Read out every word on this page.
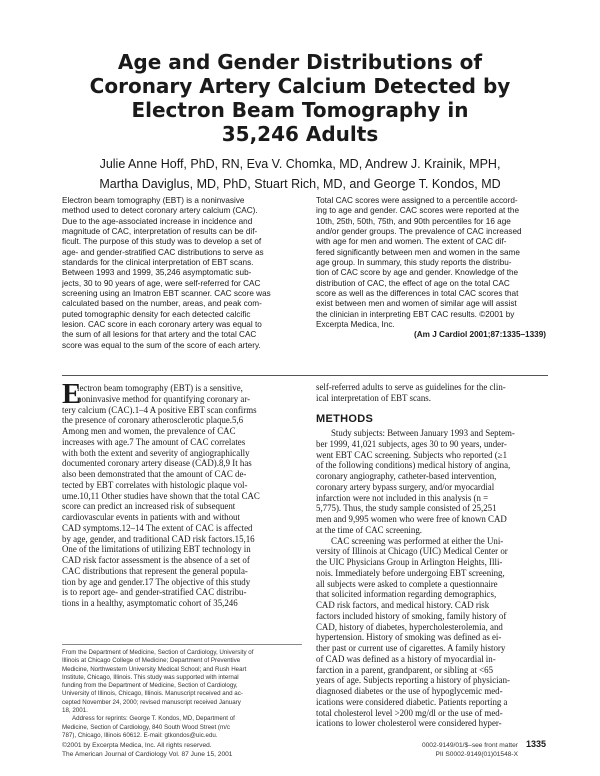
Age and Gender Distributions of
Coronary Artery Calcium Detected by
Electron Beam Tomography in
35,246 Adults
Julie Anne Hoff, PhD, RN, Eva V. Chomka, MD, Andrew J. Krainik, MPH,
Martha Daviglus, MD, PhD, Stuart Rich, MD, and George T. Kondos, MD
Electron beam tomography (EBT) is a noninvasive
method used to detect coronary artery calcium (CAC).
Due to the age-associated increase in incidence and
magnitude of CAC, interpretation of results can be dif-
ficult. The purpose of this study was to develop a set of
age- and gender-stratified CAC distributions to serve as
standards for the clinical interpretation of EBT scans.
Between 1993 and 1999, 35,246 asymptomatic sub-
jects, 30 to 90 years of age, were self-referred for CAC
screening using an Imatron EBT scanner. CAC score was
calculated based on the number, areas, and peak com-
puted tomographic density for each detected calcific
lesion. CAC score in each coronary artery was equal to
the sum of all lesions for that artery and the total CAC
score was equal to the sum of the score of each artery.
Total CAC scores were assigned to a percentile accord-
ing to age and gender. CAC scores were reported at the
10th, 25th, 50th, 75th, and 90th percentiles for 16 age
and/or gender groups. The prevalence of CAC increased
with age for men and women. The extent of CAC dif-
fered significantly between men and women in the same
age group. In summary, this study reports the distribu-
tion of CAC score by age and gender. Knowledge of the
distribution of CAC, the effect of age on the total CAC
score as well as the differences in total CAC scores that
exist between men and women of similar age will assist
the clinician in interpreting EBT CAC results. ©2001 by
Excerpta Medica, Inc.
(Am J Cardiol 2001;87:1335–1339)
E
lectron beam tomography (EBT) is a sensitive,
noninvasive method for quantifying coronary ar-
tery calcium (CAC).1–4 A positive EBT scan confirms
the presence of coronary atherosclerotic plaque.5,6
Among men and women, the prevalence of CAC
increases with age.7 The amount of CAC correlates
with both the extent and severity of angiographically
documented coronary artery disease (CAD).8,9 It has
also been demonstrated that the amount of CAC de-
tected by EBT correlates with histologic plaque vol-
ume.10,11 Other studies have shown that the total CAC
score can predict an increased risk of subsequent
cardiovascular events in patients with and without
CAD symptoms.12–14 The extent of CAC is affected
by age, gender, and traditional CAD risk factors.15,16
One of the limitations of utilizing EBT technology in
CAD risk factor assessment is the absence of a set of
CAC distributions that represent the general popula-
tion by age and gender.17 The objective of this study
is to report age- and gender-stratified CAC distribu-
tions in a healthy, asymptomatic cohort of 35,246
self-referred adults to serve as guidelines for the clin-
ical interpretation of EBT scans.
METHODS
Study subjects: Between January 1993 and Septem-
ber 1999, 41,021 subjects, ages 30 to 90 years, under-
went EBT CAC screening. Subjects who reported (≥1
of the following conditions) medical history of angina,
coronary angiography, catheter-based intervention,
coronary artery bypass surgery, and/or myocardial
infarction were not included in this analysis (n =
5,775). Thus, the study sample consisted of 25,251
men and 9,995 women who were free of known CAD
at the time of CAC screening.
CAC screening was performed at either the Uni-
versity of Illinois at Chicago (UIC) Medical Center or
the UIC Physicians Group in Arlington Heights, Illi-
nois. Immediately before undergoing EBT screening,
all subjects were asked to complete a questionnaire
that solicited information regarding demographics,
CAD risk factors, and medical history. CAD risk
factors included history of smoking, family history of
CAD, history of diabetes, hypercholesterolemia, and
hypertension. History of smoking was defined as ei-
ther past or current use of cigarettes. A family history
of CAD was defined as a history of myocardial in-
farction in a parent, grandparent, or sibling at <65
years of age. Subjects reporting a history of physician-
diagnosed diabetes or the use of hypoglycemic med-
ications were considered diabetic. Patients reporting a
total cholesterol level >200 mg/dl or the use of med-
ications to lower cholesterol were considered hyper-
From the Department of Medicine, Section of Cardiology, University of
Illinois at Chicago College of Medicine; Department of Preventive
Medicine, Northwestern University Medical School; and Rush Heart
Institute, Chicago, Illinois. This study was supported with internal
funding from the Department of Medicine, Section of Cardiology,
University of Illinois, Chicago, Illinois. Manuscript received and ac-
cepted November 24, 2000; revised manuscript received January
18, 2001.
Address for reprints: George T. Kondos, MD, Department of
Medicine, Section of Cardiology, 840 South Wood Street (m/c
787), Chicago, Illinois 60612. E-mail: gtkondos@uic.edu.
©2001 by Excerpta Medica, Inc. All rights reserved.
The American Journal of Cardiology Vol. 87 June 15, 2001
0002-9149/01/$–see front matter
PII S0002-9149(01)01548-X
1335
